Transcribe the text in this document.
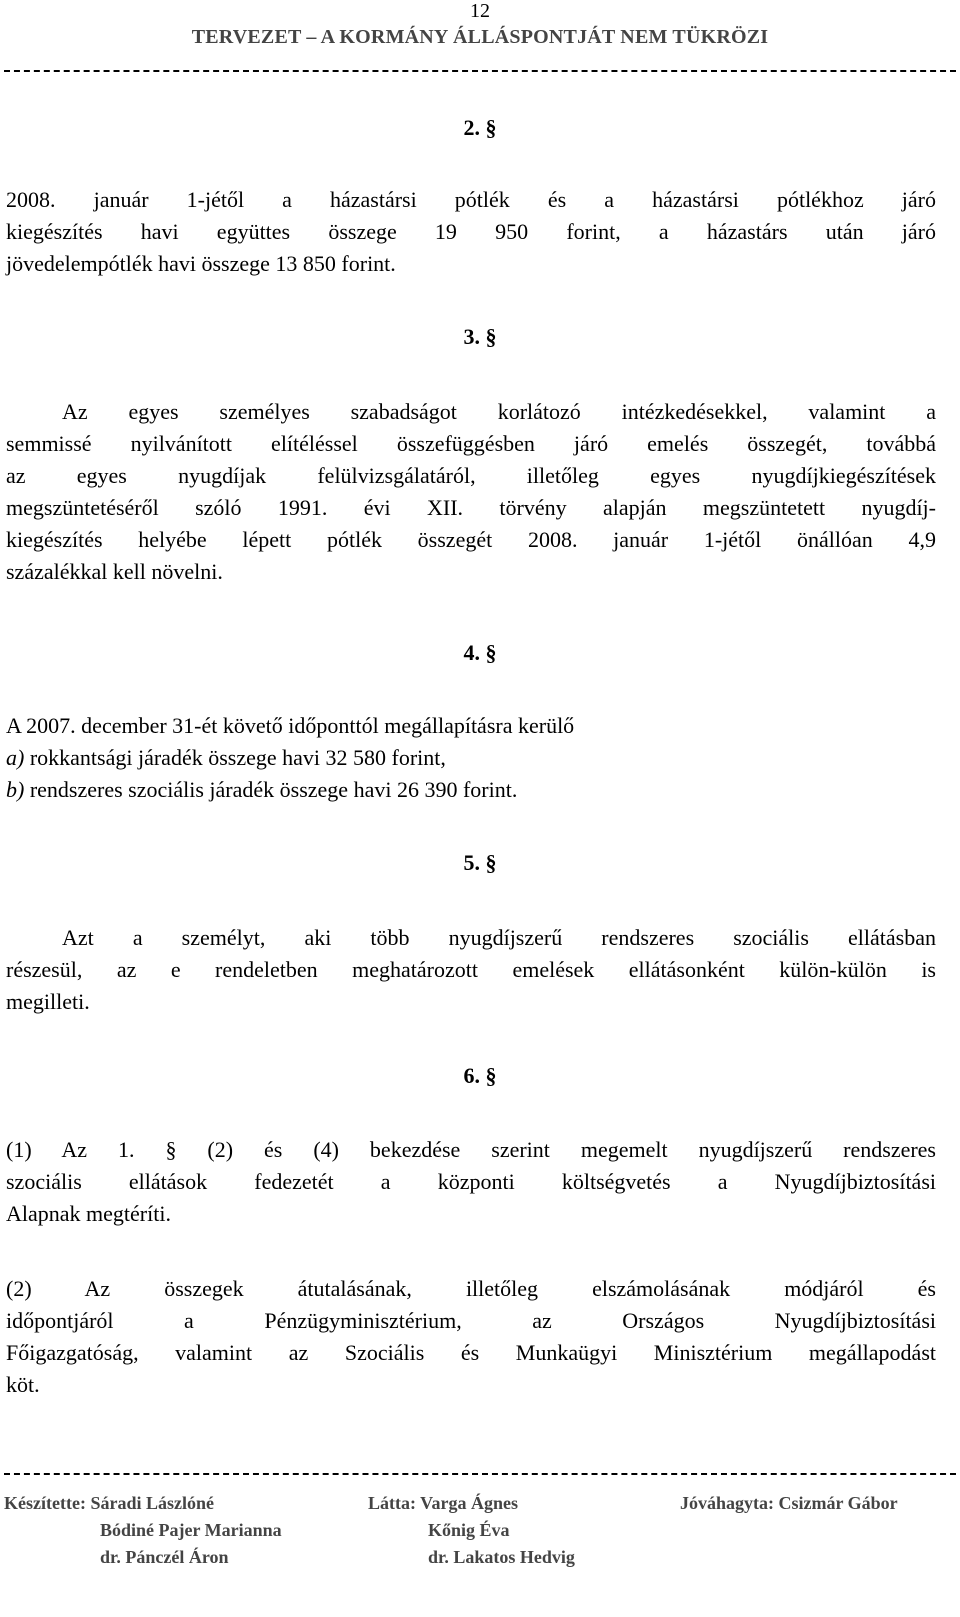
12
TERVEZET – A KORMÁNY ÁLLÁSPONTJÁT NEM TÜKRÖZI
2. §
2008. január 1-jétől a házastársi pótlék és a házastársi pótlékhoz járó
kiegészítés havi együttes összege 19 950 forint, a házastárs után járó
jövedelempótlék havi összege 13 850 forint.
3. §
Az egyes személyes szabadságot korlátozó intézkedésekkel, valamint a
semmissé nyilvánított elítéléssel összefüggésben járó emelés összegét, továbbá
az egyes nyugdíjak felülvizsgálatáról, illetőleg egyes nyugdíjkiegészítések
megszüntetéséről szóló 1991. évi XII. törvény alapján megszüntetett nyugdíj-
kiegészítés helyébe lépett pótlék összegét 2008. január 1-jétől önállóan 4,9
százalékkal kell növelni.
4. §
A 2007. december 31-ét követő időponttól megállapításra kerülő
a) rokkantsági járadék összege havi 32 580 forint,
b) rendszeres szociális járadék összege havi 26 390 forint.
5. §
Azt a személyt, aki több nyugdíjszerű rendszeres szociális ellátásban
részesül, az e rendeletben meghatározott emelések ellátásonként külön-külön is
megilleti.
6. §
(1) Az 1. § (2) és (4) bekezdése szerint megemelt nyugdíjszerű rendszeres
szociális ellátások fedezetét a központi költségvetés a Nyugdíjbiztosítási
Alapnak megtéríti.
(2) Az összegek átutalásának, illetőleg elszámolásának módjáról és
időpontjáról a Pénzügyminisztérium, az Országos Nyugdíjbiztosítási
Főigazgatóság, valamint az Szociális és Munkaügyi Minisztérium megállapodást
köt.
Készítette: Sáradi Lászlóné
Bódiné Pajer Marianna
dr. Pánczél Áron
Látta: Varga Ágnes
Kőnig Éva
dr. Lakatos Hedvig
Jóváhagyta: Csizmár Gábor
